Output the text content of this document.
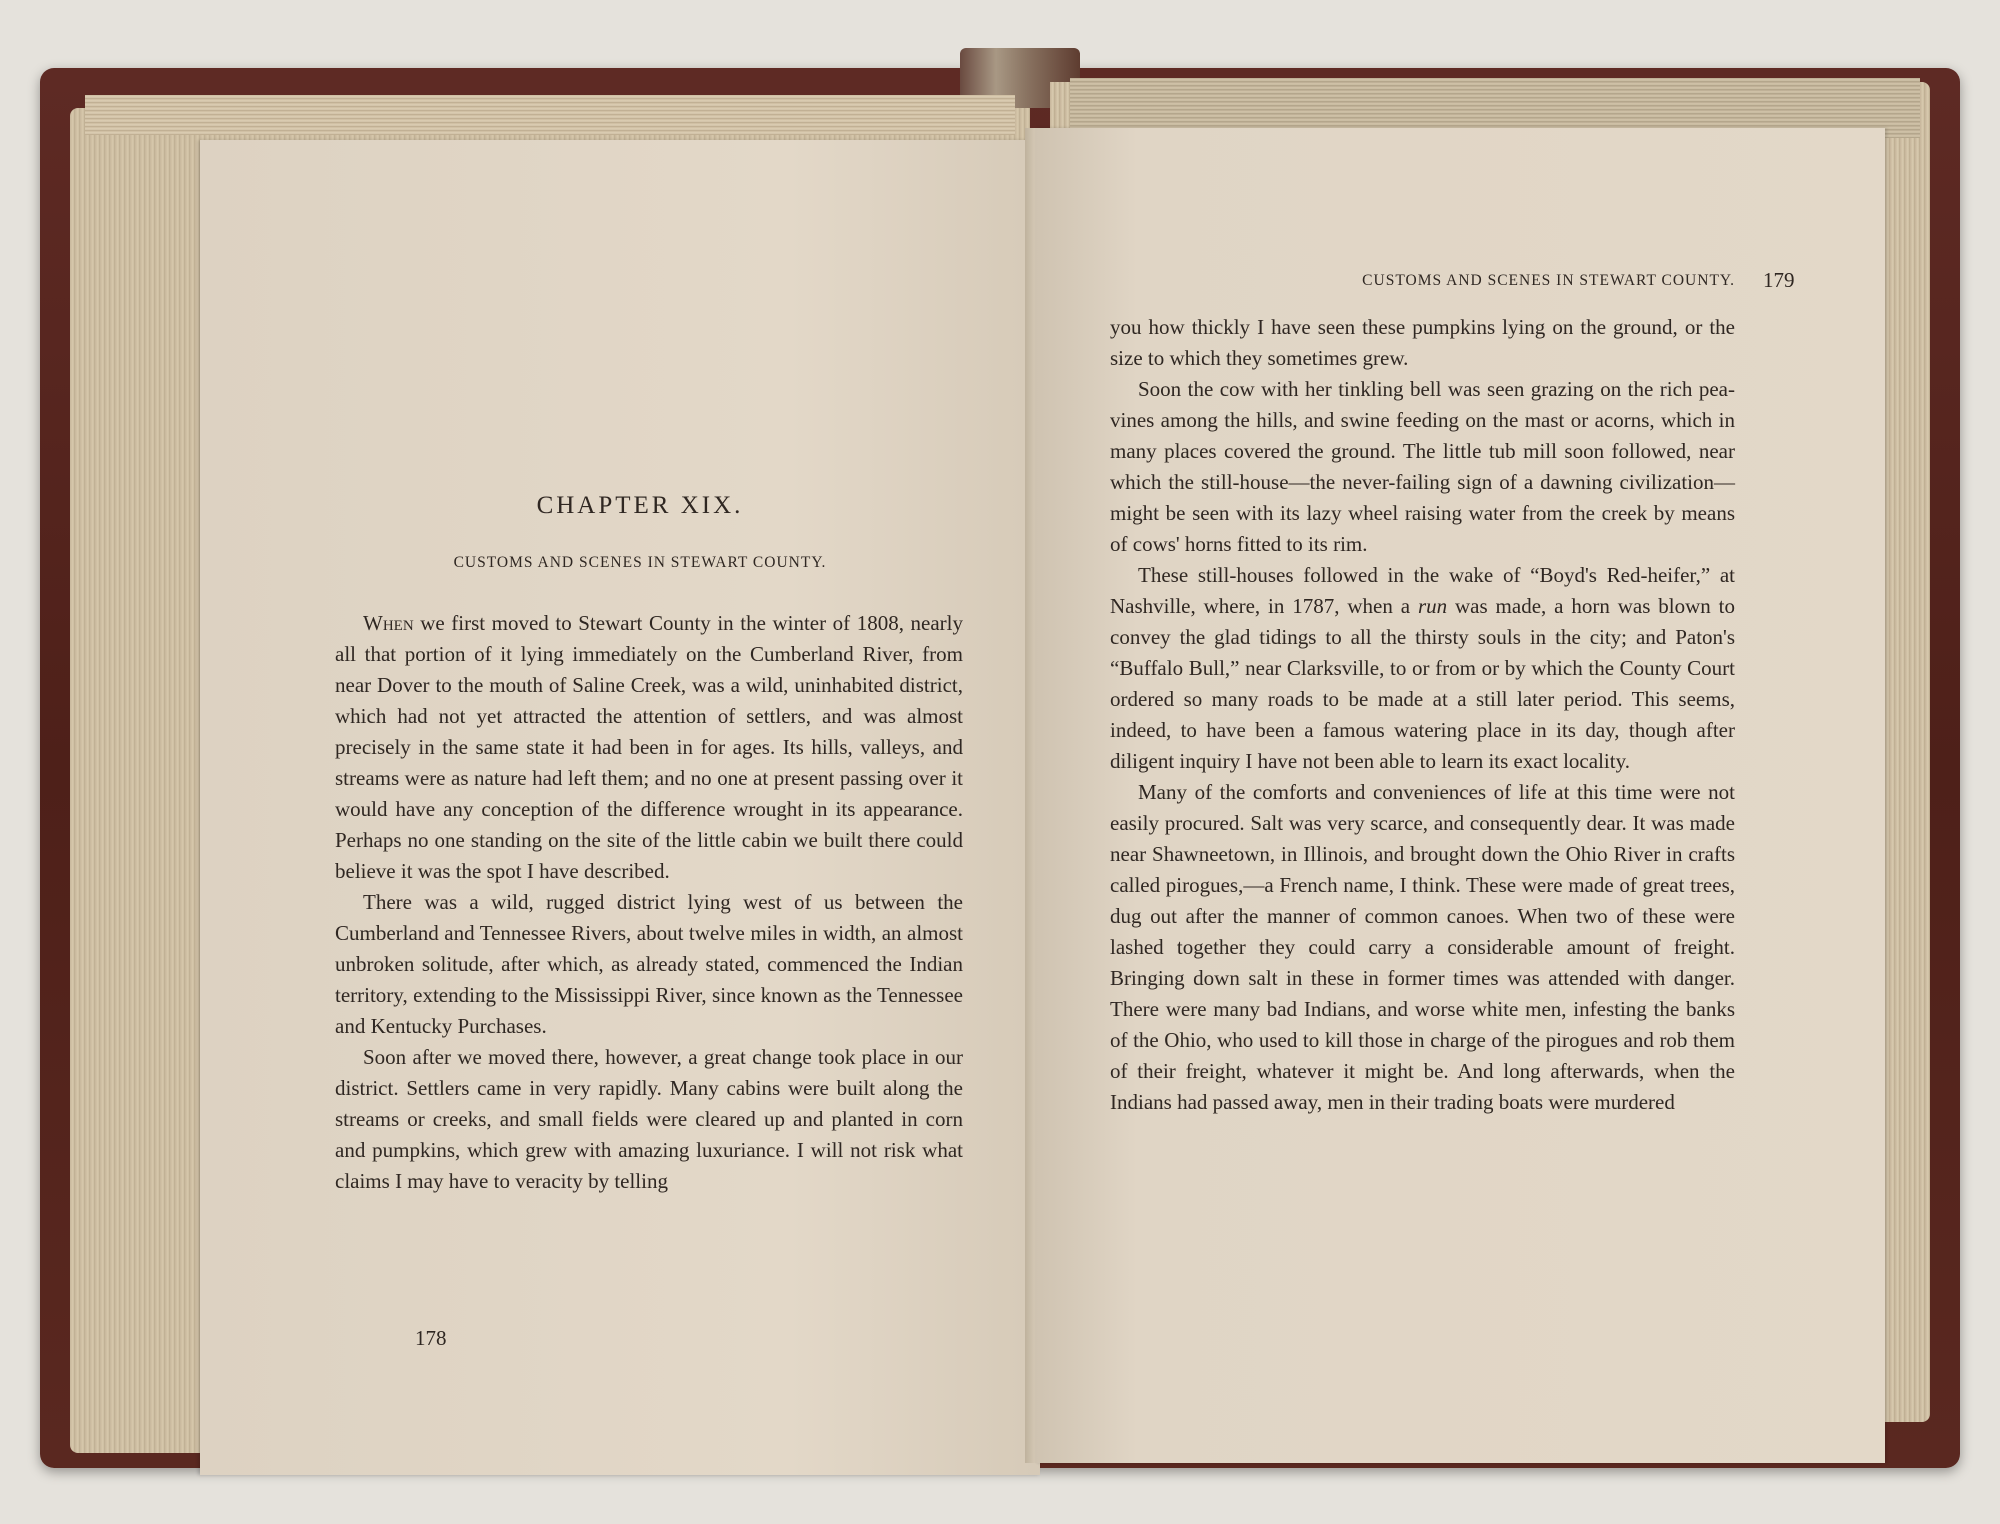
CHAPTER XIX.
CUSTOMS AND SCENES IN STEWART COUNTY.

When we first moved to Stewart County in the winter of 1808, nearly all that portion of it lying immediately on the Cumberland River, from near Dover to the mouth of Saline Creek, was a wild, uninhabited district, which had not yet attracted the attention of settlers, and was almost precisely in the same state it had been in for ages. Its hills, valleys, and streams were as nature had left them; and no one at present passing over it would have any conception of the difference wrought in its appearance. Perhaps no one standing on the site of the little cabin we built there could believe it was the spot I have described.

There was a wild, rugged district lying west of us between the Cumberland and Tennessee Rivers, about twelve miles in width, an almost unbroken solitude, after which, as already stated, commenced the Indian territory, extending to the Mississippi River, since known as the Tennessee and Kentucky Purchases.

Soon after we moved there, however, a great change took place in our district. Settlers came in very rapidly. Many cabins were built along the streams or creeks, and small fields were cleared up and planted in corn and pumpkins, which grew with amazing luxuriance. I will not risk what claims I may have to veracity by telling

178
CUSTOMS AND SCENES IN STEWART COUNTY. 179

you how thickly I have seen these pumpkins lying on the ground, or the size to which they sometimes grew.

Soon the cow with her tinkling bell was seen grazing on the rich pea-vines among the hills, and swine feeding on the mast or acorns, which in many places covered the ground. The little tub mill soon followed, near which the still-house—the never-failing sign of a dawning civilization—might be seen with its lazy wheel raising water from the creek by means of cows' horns fitted to its rim.

These still-houses followed in the wake of “Boyd's Red-heifer,” at Nashville, where, in 1787, when a run was made, a horn was blown to convey the glad tidings to all the thirsty souls in the city; and Paton's “Buffalo Bull,” near Clarksville, to or from or by which the County Court ordered so many roads to be made at a still later period. This seems, indeed, to have been a famous watering place in its day, though after diligent inquiry I have not been able to learn its exact locality.

Many of the comforts and conveniences of life at this time were not easily procured. Salt was very scarce, and consequently dear. It was made near Shawneetown, in Illinois, and brought down the Ohio River in crafts called pirogues,—a French name, I think. These were made of great trees, dug out after the manner of common canoes. When two of these were lashed together they could carry a considerable amount of freight. Bringing down salt in these in former times was attended with danger. There were many bad Indians, and worse white men, infesting the banks of the Ohio, who used to kill those in charge of the pirogues and rob them of their freight, whatever it might be. And long afterwards, when the Indians had passed away, men in their trading boats were murdered
